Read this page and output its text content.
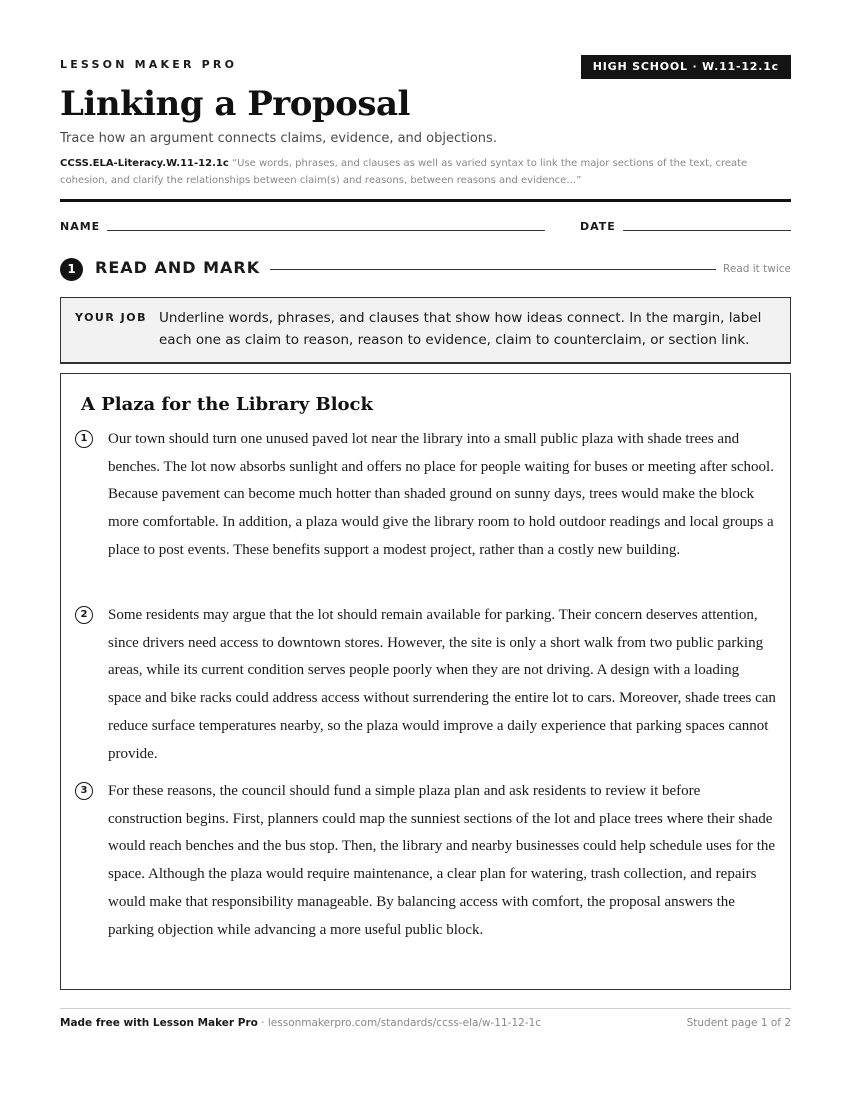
LESSON MAKER PRO	HIGH SCHOOL · W.11-12.1c
Linking a Proposal
Trace how an argument connects claims, evidence, and objections.
CCSS.ELA-Literacy.W.11-12.1c “Use words, phrases, and clauses as well as varied syntax to link the major sections of the text, create cohesion, and clarify the relationships between claim(s) and reasons, between reasons and evidence…”
NAME	DATE
1	READ AND MARK	Read it twice
YOUR JOB Underline words, phrases, and clauses that show how ideas connect. In the margin, label each one as claim to reason, reason to evidence, claim to counterclaim, or section link.
A Plaza for the Library Block
1	Our town should turn one unused paved lot near the library into a small public plaza with shade trees and benches. The lot now absorbs sunlight and offers no place for people waiting for buses or meeting after school. Because pavement can become much hotter than shaded ground on sunny days, trees would make the block more comfortable. In addition, a plaza would give the library room to hold outdoor readings and local groups a place to post events. These benefits support a modest project, rather than a costly new building.

2	Some residents may argue that the lot should remain available for parking. Their concern deserves attention, since drivers need access to downtown stores. However, the site is only a short walk from two public parking areas, while its current condition serves people poorly when they are not driving. A design with a loading space and bike racks could address access without surrendering the entire lot to cars. Moreover, shade trees can reduce surface temperatures nearby, so the plaza would improve a daily experience that parking spaces cannot provide.

3	For these reasons, the council should fund a simple plaza plan and ask residents to review it before construction begins. First, planners could map the sunniest sections of the lot and place trees where their shade would reach benches and the bus stop. Then, the library and nearby businesses could help schedule uses for the space. Although the plaza would require maintenance, a clear plan for watering, trash collection, and repairs would make that responsibility manageable. By balancing access with comfort, the proposal answers the parking objection while advancing a more useful public block.

Made free with Lesson Maker Pro · lessonmakerpro.com/standards/ccss-ela/w-11-12-1c	Student page 1 of 2
